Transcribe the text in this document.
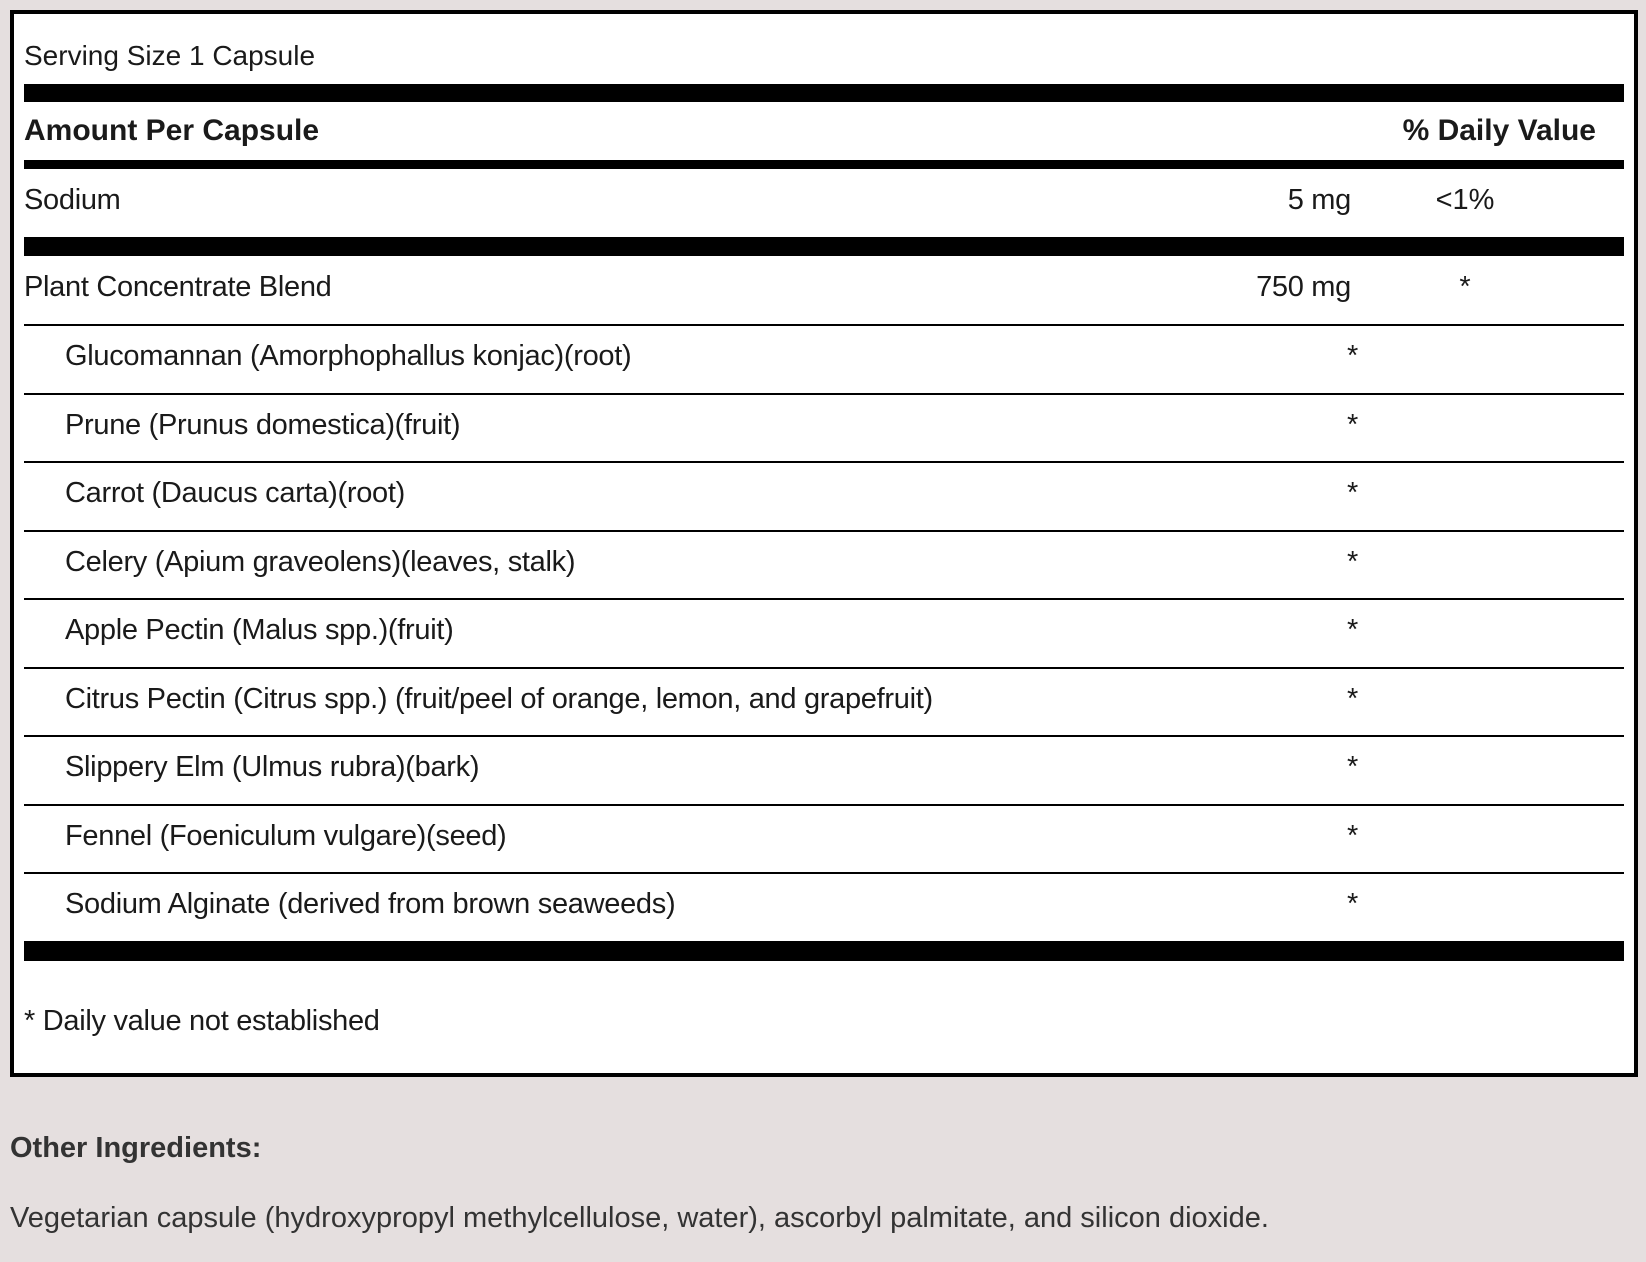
Serving Size 1 Capsule
Amount Per Capsule	% Daily Value
Sodium	5 mg	<1%
Plant Concentrate Blend	750 mg	*
Glucomannan (Amorphophallus konjac)(root)	*
Prune (Prunus domestica)(fruit)	*
Carrot (Daucus carta)(root)	*
Celery (Apium graveolens)(leaves, stalk)	*
Apple Pectin (Malus spp.)(fruit)	*
Citrus Pectin (Citrus spp.) (fruit/peel of orange, lemon, and grapefruit)	*
Slippery Elm (Ulmus rubra)(bark)	*
Fennel (Foeniculum vulgare)(seed)	*
Sodium Alginate (derived from brown seaweeds)	*
* Daily value not established
Other Ingredients:
Vegetarian capsule (hydroxypropyl methylcellulose, water), ascorbyl palmitate, and silicon dioxide.
